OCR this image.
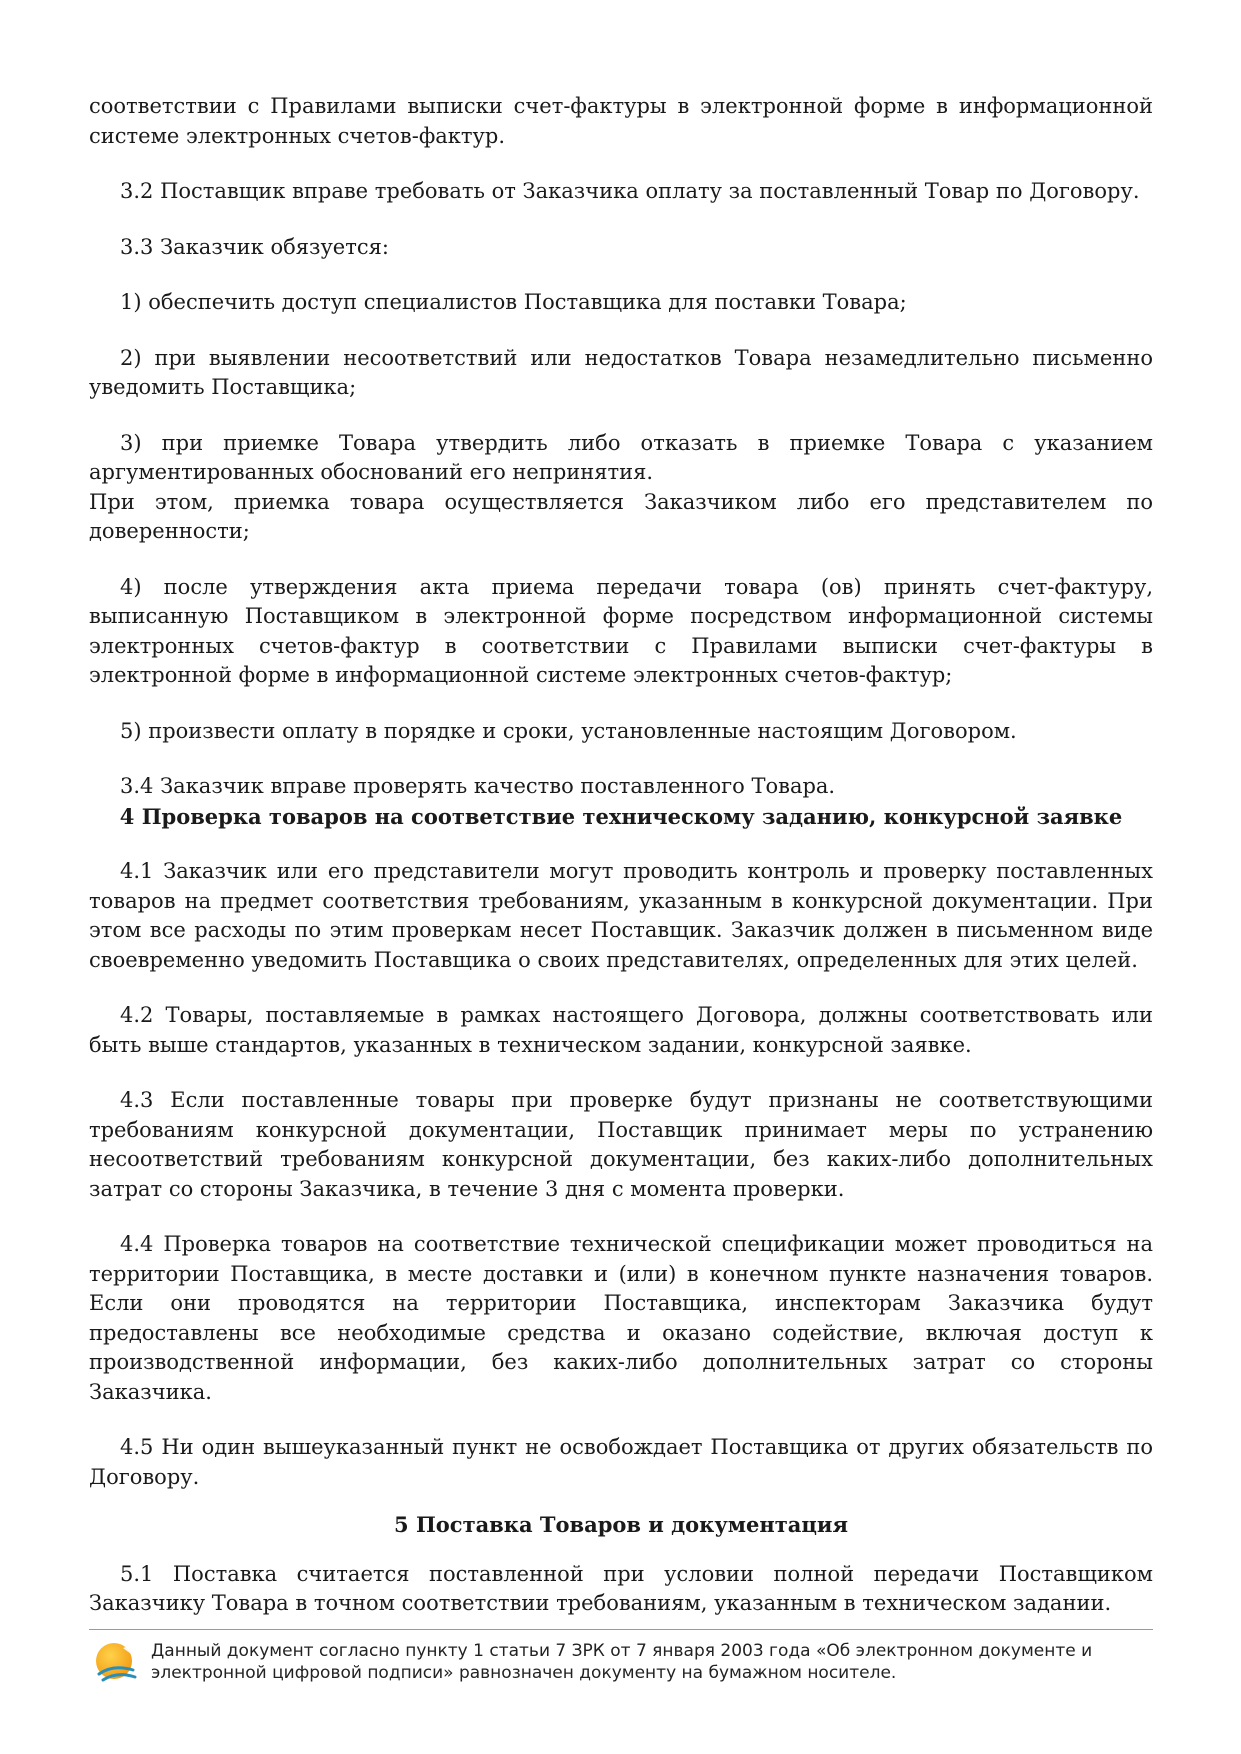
соответствии с Правилами выписки счет-фактуры в электронной форме в информационной системе электронных счетов-фактур.

3.2 Поставщик вправе требовать от Заказчика оплату за поставленный Товар по Договору.

3.3 Заказчик обязуется:

1) обеспечить доступ специалистов Поставщика для поставки Товара;

2) при выявлении несоответствий или недостатков Товара незамедлительно письменно уведомить Поставщика;

3) при приемке Товара утвердить либо отказать в приемке Товара с указанием аргументированных обоснований его непринятия.

При этом, приемка товара осуществляется Заказчиком либо его представителем по доверенности;

4) после утверждения акта приема передачи товара (ов) принять счет-фактуру, выписанную Поставщиком в электронной форме посредством информационной системы электронных счетов-фактур в соответствии с Правилами выписки счет-фактуры в электронной форме в информационной системе электронных счетов-фактур;

5) произвести оплату в порядке и сроки, установленные настоящим Договором.

3.4 Заказчик вправе проверять качество поставленного Товара.

4 Проверка товаров на соответствие техническому заданию, конкурсной заявке

4.1 Заказчик или его представители могут проводить контроль и проверку поставленных товаров на предмет соответствия требованиям, указанным в конкурсной документации. При этом все расходы по этим проверкам несет Поставщик. Заказчик должен в письменном виде своевременно уведомить Поставщика о своих представителях, определенных для этих целей.

4.2 Товары, поставляемые в рамках настоящего Договора, должны соответствовать или быть выше стандартов, указанных в техническом задании, конкурсной заявке.

4.3 Если поставленные товары при проверке будут признаны не соответствующими требованиям конкурсной документации, Поставщик принимает меры по устранению несоответствий требованиям конкурсной документации, без каких-либо дополнительных затрат со стороны Заказчика, в течение 3 дня с момента проверки.

4.4 Проверка товаров на соответствие технической спецификации может проводиться на территории Поставщика, в месте доставки и (или) в конечном пункте назначения товаров. Если они проводятся на территории Поставщика, инспекторам Заказчика будут предоставлены все необходимые средства и оказано содействие, включая доступ к производственной информации, без каких-либо дополнительных затрат со стороны Заказчика.

4.5 Ни один вышеуказанный пункт не освобождает Поставщика от других обязательств по Договору.

5 Поставка Товаров и документация

5.1 Поставка считается поставленной при условии полной передачи Поставщиком Заказчику Товара в точном соответствии требованиям, указанным в техническом задании.

Данный документ согласно пункту 1 статьи 7 ЗРК от 7 января 2003 года «Об электронном документе и электронной цифровой подписи» равнозначен документу на бумажном носителе.
